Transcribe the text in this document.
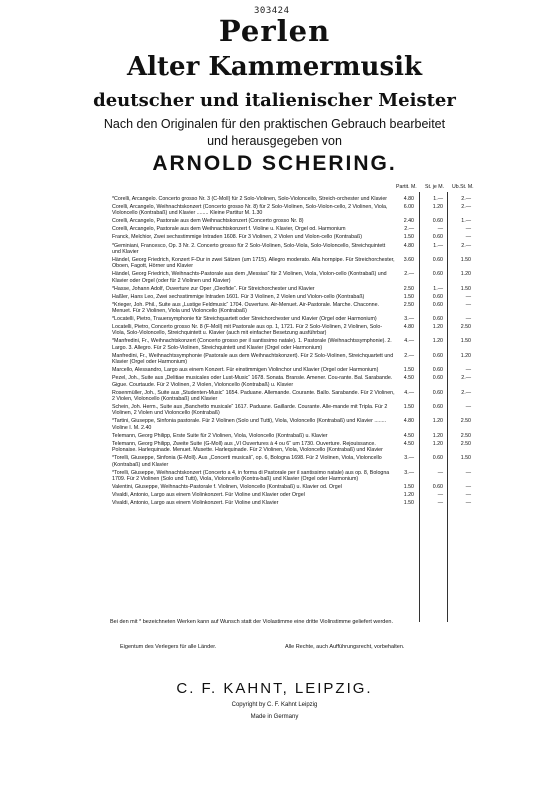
303424
Perlen
Alter Kammermusik
deutscher und italienischer Meister
Nach den Originalen für den praktischen Gebrauch bearbeitet
und herausgegeben von
ARNOLD SCHERING.
Partit. M. St. je M. Ub.St. M.
*Corelli, Arcangelo. Concerto grosso Nr. 3 (C-Moll) für 2 Solo-Violinen, Solo-Violoncello, Streich-orchester und Klavier	4.80	1.—	2.—
Corelli, Arcangelo, Weihnachtskonzert (Concerto grosso Nr. 8) für 2 Solo-Violinen, Solo-Violon-cello, 2 Violinen, Viola, Violoncello (Kontrabaß) und Klavier ........ Kleine Partitur M. 1.30
6.00	1.20	2.—
Corelli, Arcangelo, Pastorale aus dem Weihnachtskonzert (Concerto grosso Nr. 8)	2.40	0.60	1.—
Corelli, Arcangelo, Pastorale aus dem Weihnachtskonzert f. Violine u. Klavier, Orgel od. Harmonium	2.—	—	—
Franck, Melchior, Zwei sechsstimmige Intraden 1608. Für 3 Violinen, 2 Violen und Violon-cello (Kontrabaß)	1.50	0.60	—
*Geminiani, Francesco, Op. 3 Nr. 2. Concerto grosso für 2 Solo-Violinen, Solo-Viola, Solo-Violoncello, Streichquintett und Klavier
4.80	1.—	2.—
Händel, Georg Friedrich, Konzert F-Dur in zwei Sätzen (um 1715). Allegro moderato. Alla hornpipe. Für Streichorchester, Oboen, Fagott, Hörner und Klavier
3.60	0.60	1.50
Händel, Georg Friedrich, Weihnachts-Pastorale aus dem „Messias“ für 2 Violinen, Viola, Violon-cello (Kontrabaß) und Klavier oder Orgel (oder für 2 Violinen und Klavier)
2.—	0.60	1.20
*Hasse, Johann Adolf, Ouverture zur Oper „Cleofide“. Für Streichorchester und Klavier	2.50	1.—	1.50
Haßler, Hans Leo, Zwei sechsstimmige Intraden 1601. Für 3 Violinen, 2 Violen und Violon-cello (Kontrabaß)	1.50	0.60	—
*Krieger, Joh. Phil., Suite aus „Lustige Feldmusic“ 1704. Ouverture. Air-Menuet. Air-Pastorale. Marche. Chaconne. Menuet. Für 2 Violinen, Viola und Violoncello (Kontrabaß)
2.50	0.60	—
*Locatelli, Pietro, Trauersymphonie für Streichquartett oder Streichorchester und Klavier (Orgel oder Harmonium)	3.—	0.60	—
Locatelli, Pietro, Concerto grosso Nr. 8 (F-Moll) mit Pastorale aus op. 1, 1721. Für 2 Solo-Violinen, 2 Violinen, Solo-Viola, Solo-Violoncello, Streichquintett u. Klavier (auch mit einfacher Besetzung ausführbar)
4.80	1.20	2.50
*Manfredini, Fr., Weihnachtskonzert (Concerto grosso per il santissimo natale). 1. Pastorale (Weihnachtssymphonie). 2. Largo. 3. Allegro. Für 2 Solo-Violinen, Streichquintett und Klavier (Orgel oder Harmonium)
4.—	1.20	1.50
Manfredini, Fr., Weihnachtssymphonie (Pastorale aus dem Weihnachtskonzert). Für 2 Solo-Violinen, Streichquartett und Klavier (Orgel oder Harmonium)
2.—	0.60	1.20
Marcello, Alessandro, Largo aus einem Konzert. Für einstimmigen Violinchor und Klavier (Orgel oder Harmonium)	1.50	0.60	—
Pezel, Joh., Suite aus „Delitiae musicales oder Lust-Music“ 1678. Sonata. Bransle. Amener. Cou-rante. Bal. Sarabande. Gigue. Courtaude. Für 2 Violinen, 2 Violen, Violoncello (Kontrabaß) u. Klavier
4.50	0.60	2.—
Rosenmüller, Joh., Suite aus „Studenten-Music“ 1654. Paduane. Allemande. Courante. Ballo. Sarabande. Für 2 Violinen, 2 Violen, Violoncello (Kontrabaß) und Klavier
4.—	0.60	2.—
Schein, Joh. Herm., Suite aus „Banchetto musicale“ 1617. Paduane. Gaillarde. Courante. Alle-mande mit Tripla. Für 2 Violinen, 2 Violen und Violoncello (Kontrabaß)
1.50	0.60	—
*Tartini, Giuseppe, Sinfonia pastorale. Für 2 Violinen (Solo und Tutti), Viola, Violoncello (Kontrabaß) und Klavier ........ Violine I. M. 2.40
4.80	1.20	2.50
Telemann, Georg Philipp, Erste Suite für 2 Violinen, Viola, Violoncello (Kontrabaß) u. Klavier	4.50	1.20	2.50
Telemann, Georg Philipp, Zweite Suite (G-Moll) aus „VI Ouvertures à 4 ou 6“ um 1730. Ouverture. Rejouissance. Polonaise. Harlequinade. Menuet. Musette. Harlequinade. Für 2 Violinen, Viola, Violoncello (Kontrabaß) und Klavier
4.50	1.20	2.50
*Torelli, Giuseppe, Sinfonia (E-Moll). Aus „Concerti musicali“, op. 6, Bologna 1698. Für 2 Violinen, Viola, Violoncello (Kontrabaß) und Klavier
3.—	0.60	1.50
*Torelli, Giuseppe, Weihnachtskonzert (Concerto a 4, in forma di Pastorale per il santissimo natale) aus op. 8, Bologna 1709. Für 2 Violinen (Solo und Tutti), Viola, Violoncello (Kontra-baß) und Klavier (Orgel oder Harmonium)
3.—	—	—
Valentini, Giuseppe, Weihnachts-Pastorale f. Violinen, Violoncello (Kontrabaß) u. Klavier od. Orgel	1.50	0.60	—
Vivaldi, Antonio, Largo aus einem Violinkonzert. Für Violine und Klavier oder Orgel	1.20	—	—
Vivaldi, Antonio, Largo aus einem Violinkonzert. Für Violine und Klavier	1.50	—	—
Bei den mit * bezeichneten Werken kann auf Wunsch statt der Violastimme eine dritte Violinstimme geliefert werden.
Eigentum des Verlegers für alle Länder.	Alle Rechte, auch Aufführungsrecht, vorbehalten.
C. F. KAHNT, LEIPZIG.
Copyright by C. F. Kahnt Leipzig
Made in Germany
